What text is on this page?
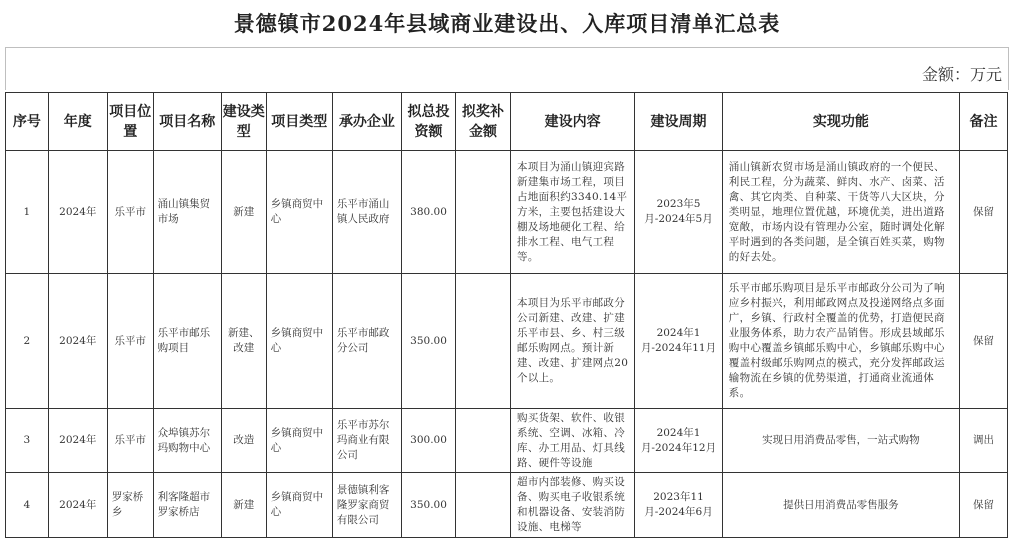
景德镇市2024年县域商业建设出、入库项目清单汇总表
金额：万元
序号	年度	项目位置	项目名称	建设类型	项目类型	承办企业	拟总投资额	拟奖补金额	建设内容	建设周期	实现功能	备注
1	2024年	乐平市	涌山镇集贸市场	新建	乡镇商贸中心	乐平市涌山镇人民政府	380.00		本项目为涌山镇迎宾路新建集市场工程，项目占地面积约3340.14平方米，主要包括建设大棚及场地硬化工程、给排水工程、电气工程等。	2023年5月-2024年5月	涌山镇新农贸市场是涌山镇政府的一个便民、利民工程，分为蔬菜、鲜肉、水产、卤菜、活禽、其它肉类、自种菜、干货等八大区块，分类明显，地理位置优越，环境优美，进出道路宽敞，市场内设有管理办公室，随时调处化解平时遇到的各类问题，是全镇百姓买菜，购物的好去处。	保留
2	2024年	乐平市	乐平市邮乐购项目	新建、改建	乡镇商贸中心	乐平市邮政分公司	350.00		本项目为乐平市邮政分公司新建、改建、扩建乐平市县、乡、村三级邮乐购网点。预计新建、改建、扩建网点20个以上。	2024年1月-2024年11月	乐平市邮乐购项目是乐平市邮政分公司为了响应乡村振兴，利用邮政网点及投递网络点多面广，乡镇、行政村全覆盖的优势，打造便民商业服务体系，助力农产品销售。形成县域邮乐购中心覆盖乡镇邮乐购中心，乡镇邮乐购中心覆盖村级邮乐购网点的模式，充分发挥邮政运输物流在乡镇的优势渠道，打通商业流通体系。	保留
3	2024年	乐平市	众埠镇苏尔玛购物中心	改造	乡镇商贸中心	乐平市苏尔玛商业有限公司	300.00		购买货架、软件、收银系统、空调、冰箱、冷库、办工用品、灯具线路、硬件等设施	2024年1月-2024年12月	实现日用消费品零售，一站式购物	调出
4	2024年	罗家桥乡	利客隆超市罗家桥店	新建	乡镇商贸中心	景德镇利客隆罗家商贸有限公司	350.00		超市内部装修、购买设备、购买电子收银系统和机器设备、安装消防设施、电梯等	2023年11月-2024年6月	提供日用消费品零售服务	保留
